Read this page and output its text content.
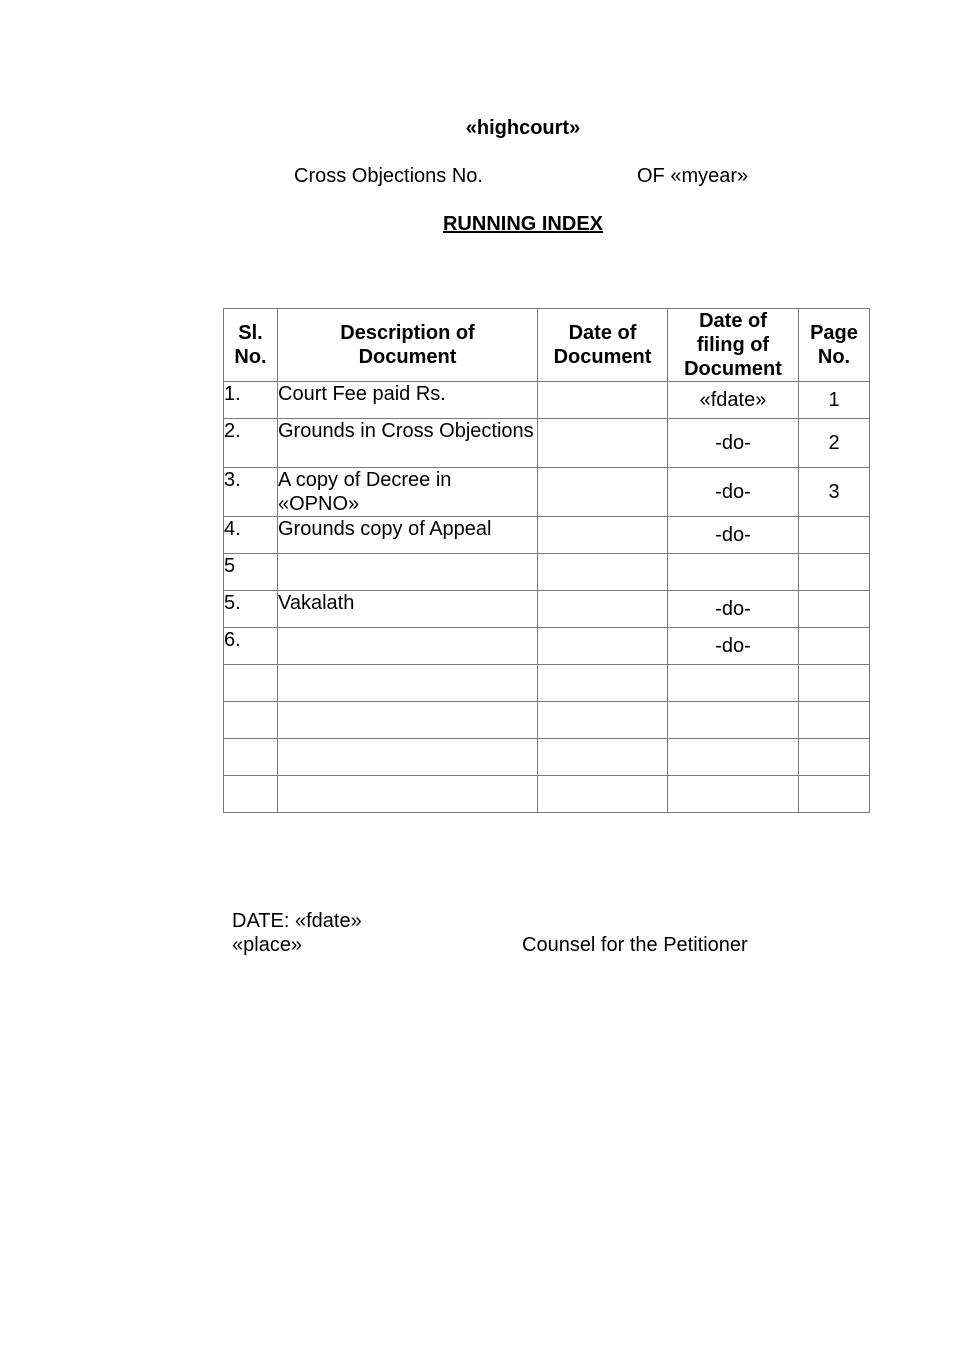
«highcourt»
Cross Objections No.	OF «myear»
RUNNING INDEX
Sl. No.	Description of Document	Date of Document	Date of filing of Document	Page No.
1.	Court Fee paid Rs.		«fdate»	1
2.	Grounds in Cross Objections		-do-	2
3.	A copy of Decree in «OPNO»		-do-	3
4.	Grounds copy of Appeal		-do-	
5				
5.	Vakalath		-do-	
6.			-do-	

DATE: «fdate»
«place»	Counsel for the Petitioner
